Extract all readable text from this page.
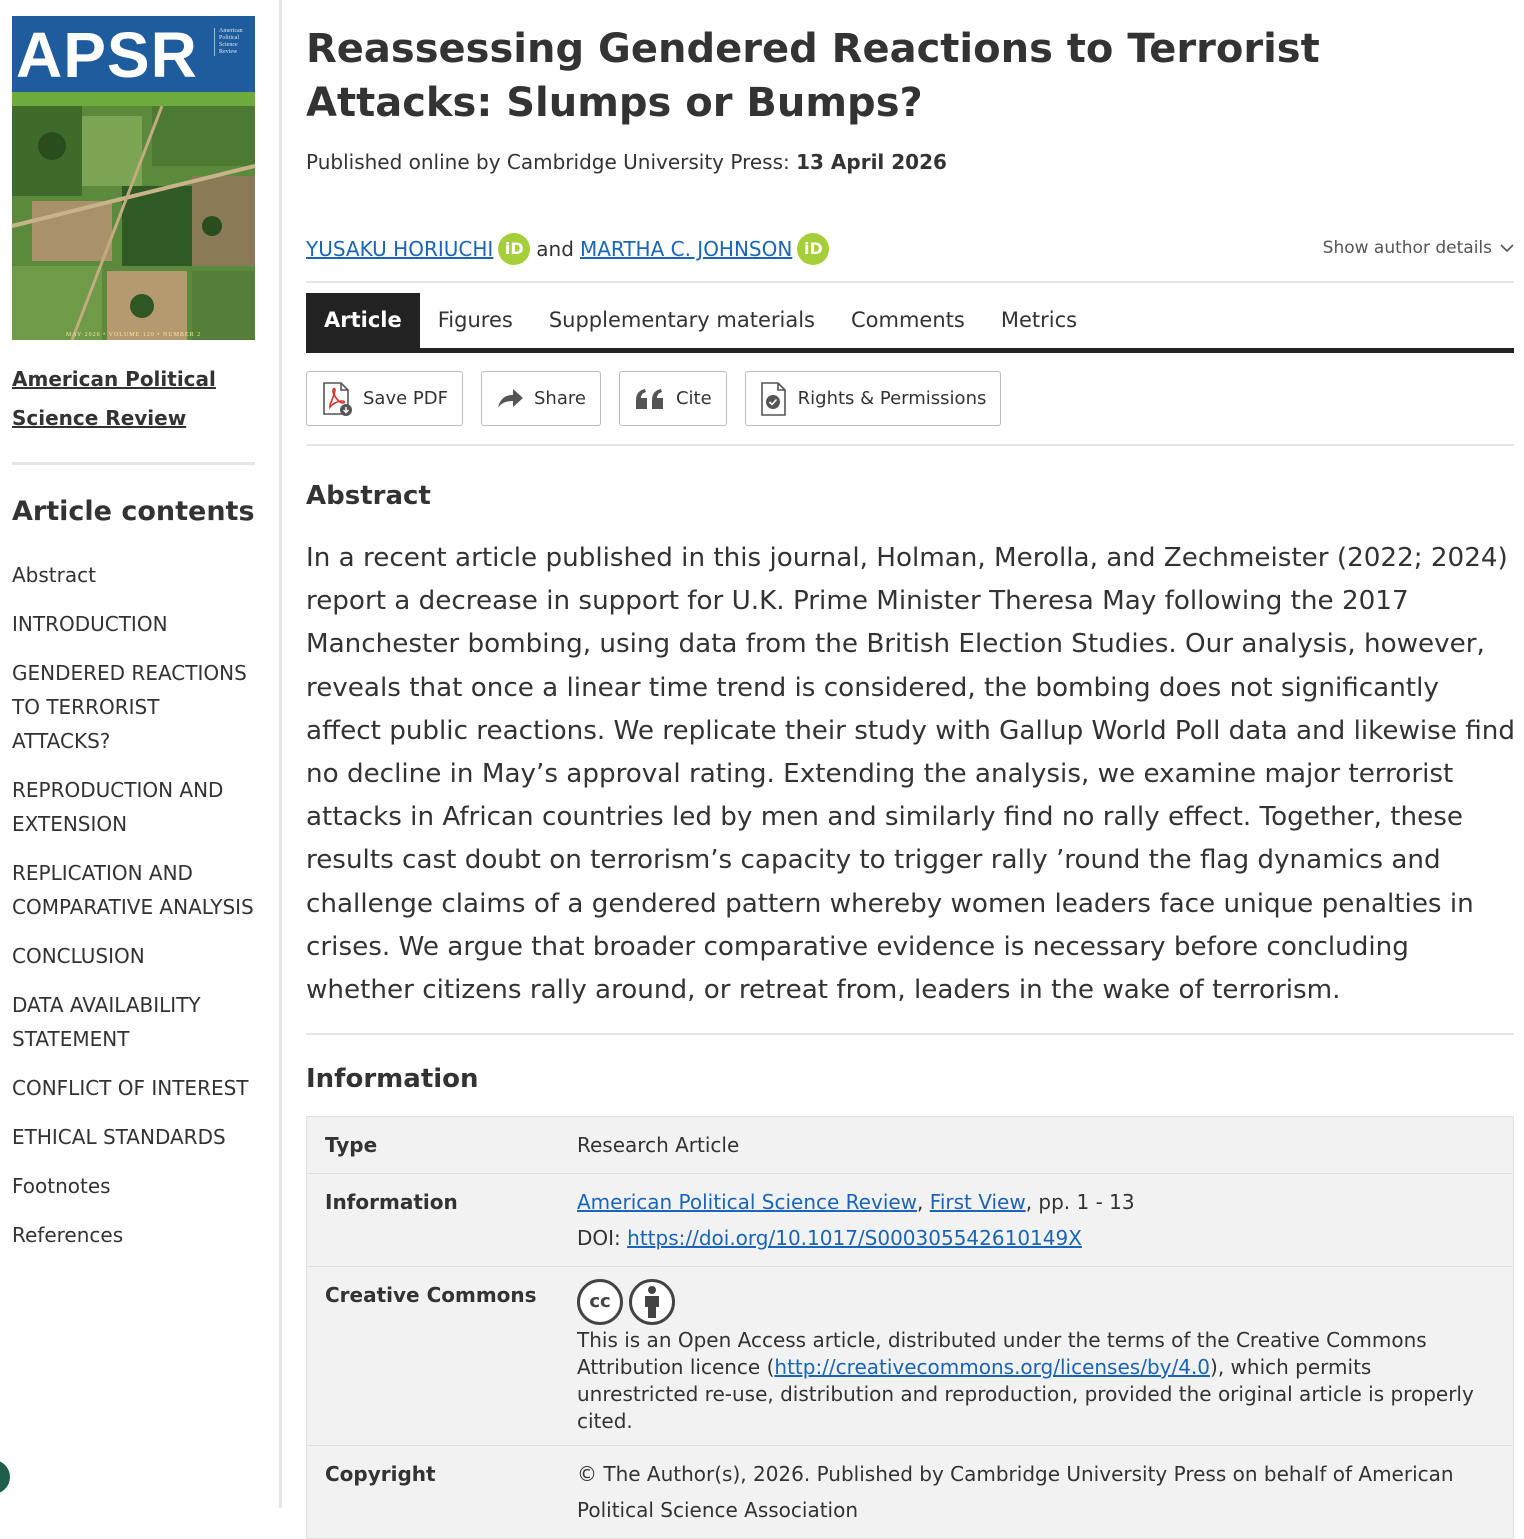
APSR	American Political Science Review
MAY 2026 • VOLUME 120 • NUMBER 2
American Political Science Review
Article contents
Abstract
INTRODUCTION
GENDERED REACTIONS TO TERRORIST ATTACKS?
REPRODUCTION AND EXTENSION
REPLICATION AND COMPARATIVE ANALYSIS
CONCLUSION
DATA AVAILABILITY STATEMENT
CONFLICT OF INTEREST
ETHICAL STANDARDS
Footnotes
References
Reassessing Gendered Reactions to Terrorist Attacks: Slumps or Bumps?
Published online by Cambridge University Press: 13 April 2026
YUSAKU HORIUCHI iD and MARTHA C. JOHNSON iD	Show author details
Article	Figures	Supplementary materials	Comments	Metrics
Save PDF	Share	Cite	Rights & Permissions
Abstract

In a recent article published in this journal, Holman, Merolla, and Zechmeister (2022; 2024) report a decrease in support for U.K. Prime Minister Theresa May following the 2017 Manchester bombing, using data from the British Election Studies. Our analysis, however, reveals that once a linear time trend is considered, the bombing does not significantly affect public reactions. We replicate their study with Gallup World Poll data and likewise find no decline in May’s approval rating. Extending the analysis, we examine major terrorist attacks in African countries led by men and similarly find no rally effect. Together, these results cast doubt on terrorism’s capacity to trigger rally ’round the flag dynamics and challenge claims of a gendered pattern whereby women leaders face unique penalties in crises. We argue that broader comparative evidence is necessary before concluding whether citizens rally around, or retreat from, leaders in the wake of terrorism.

Information
Type	Research Article
Information	American Political Science Review, First View, pp. 1 - 13
DOI: https://doi.org/10.1017/S000305542610149X
Creative Commons	cc
This is an Open Access article, distributed under the terms of the Creative Commons Attribution licence (http://creativecommons.org/licenses/by/4.0), which permits unrestricted re-use, distribution and reproduction, provided the original article is properly cited.
Copyright	© The Author(s), 2026. Published by Cambridge University Press on behalf of American Political Science Association
